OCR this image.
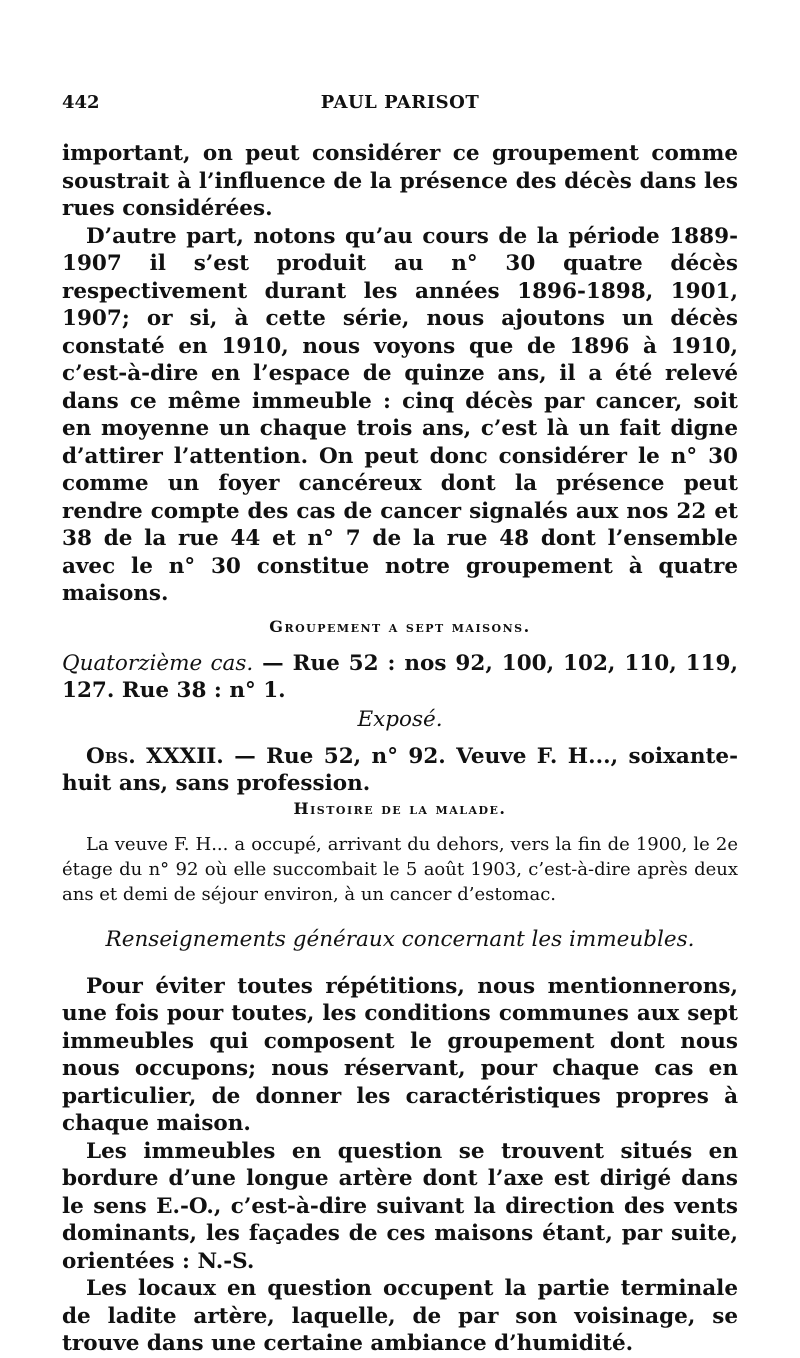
442	PAUL PARISOT

important, on peut considérer ce groupement comme soustrait à l’influence de la présence des décès dans les rues considérées.

D’autre part, notons qu’au cours de la période 1889-1907 il s’est produit au n° 30 quatre décès respectivement durant les années 1896-1898, 1901, 1907; or si, à cette série, nous ajoutons un décès constaté en 1910, nous voyons que de 1896 à 1910, c’est-à-dire en l’espace de quinze ans, il a été relevé dans ce même immeuble : cinq décès par cancer, soit en moyenne un chaque trois ans, c’est là un fait digne d’attirer l’attention. On peut donc considérer le n° 30 comme un foyer cancéreux dont la présence peut rendre compte des cas de cancer signalés aux nos 22 et 38 de la rue 44 et n° 7 de la rue 48 dont l’ensemble avec le n° 30 constitue notre groupement à quatre maisons.

Groupement a sept maisons.

Quatorzième cas. — Rue 52 : nos 92, 100, 102, 110, 119, 127. Rue 38 : n° 1.

Exposé.

Obs. XXXII. — Rue 52, n° 92. Veuve F. H..., soixante-huit ans, sans profession.

Histoire de la malade.

La veuve F. H... a occupé, arrivant du dehors, vers la fin de 1900, le 2e étage du n° 92 où elle succombait le 5 août 1903, c’est-à-dire après deux ans et demi de séjour environ, à un cancer d’estomac.

Renseignements généraux concernant les immeubles.

Pour éviter toutes répétitions, nous mentionnerons, une fois pour toutes, les conditions communes aux sept immeubles qui composent le groupement dont nous nous occupons; nous réservant, pour chaque cas en particulier, de donner les caractéristiques propres à chaque maison.

Les immeubles en question se trouvent situés en bordure d’une longue artère dont l’axe est dirigé dans le sens E.-O., c’est-à-dire suivant la direction des vents dominants, les façades de ces maisons étant, par suite, orientées : N.-S.

Les locaux en question occupent la partie terminale de ladite artère, laquelle, de par son voisinage, se trouve dans une certaine ambiance d’humidité.
